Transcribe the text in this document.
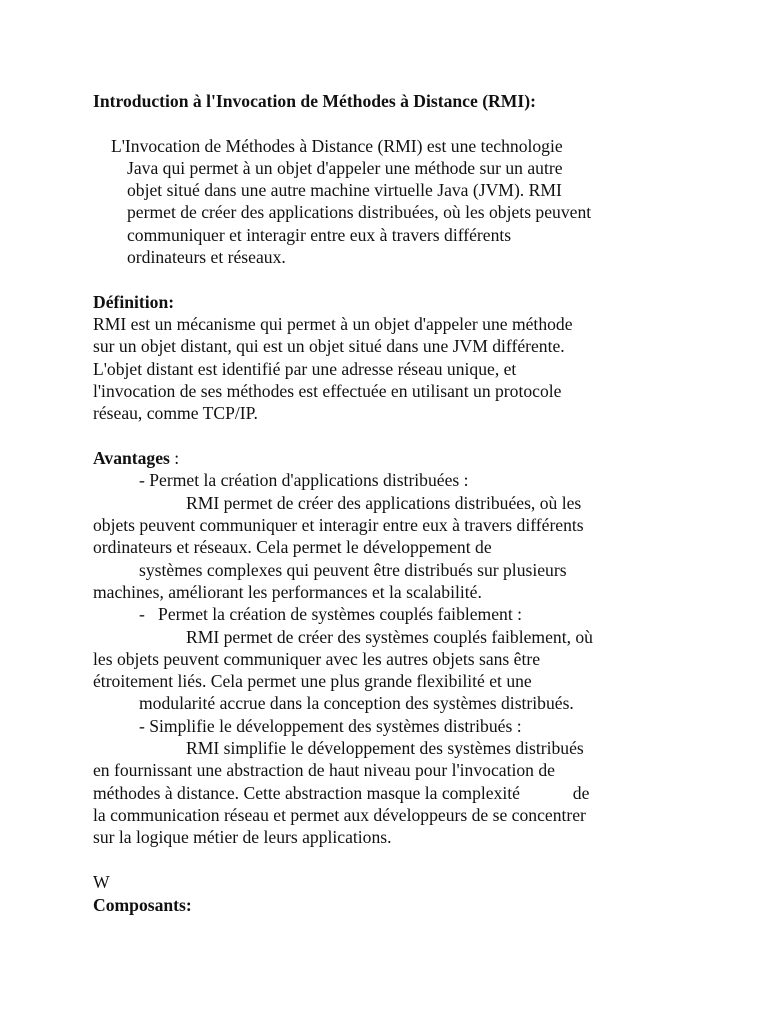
Introduction à l'Invocation de Méthodes à Distance (RMI):
L'Invocation de Méthodes à Distance (RMI) est une technologie
Java qui permet à un objet d'appeler une méthode sur un autre
objet situé dans une autre machine virtuelle Java (JVM). RMI
permet de créer des applications distribuées, où les objets peuvent
communiquer et interagir entre eux à travers différents
ordinateurs et réseaux.
Définition:
RMI est un mécanisme qui permet à un objet d'appeler une méthode
sur un objet distant, qui est un objet situé dans une JVM différente.
L'objet distant est identifié par une adresse réseau unique, et
l'invocation de ses méthodes est effectuée en utilisant un protocole
réseau, comme TCP/IP.
Avantages :
- Permet la création d'applications distribuées :
RMI permet de créer des applications distribuées, où les
objets peuvent communiquer et interagir entre eux à travers différents
ordinateurs et réseaux. Cela permet le développement de
systèmes complexes qui peuvent être distribués sur plusieurs
machines, améliorant les performances et la scalabilité.
-   Permet la création de systèmes couplés faiblement :
RMI permet de créer des systèmes couplés faiblement, où
les objets peuvent communiquer avec les autres objets sans être
étroitement liés. Cela permet une plus grande flexibilité et une
modularité accrue dans la conception des systèmes distribués.
- Simplifie le développement des systèmes distribués :
RMI simplifie le développement des systèmes distribués
en fournissant une abstraction de haut niveau pour l'invocation de
méthodes à distance. Cette abstraction masque la complexité            de
la communication réseau et permet aux développeurs de se concentrer
sur la logique métier de leurs applications.
W
Composants:
